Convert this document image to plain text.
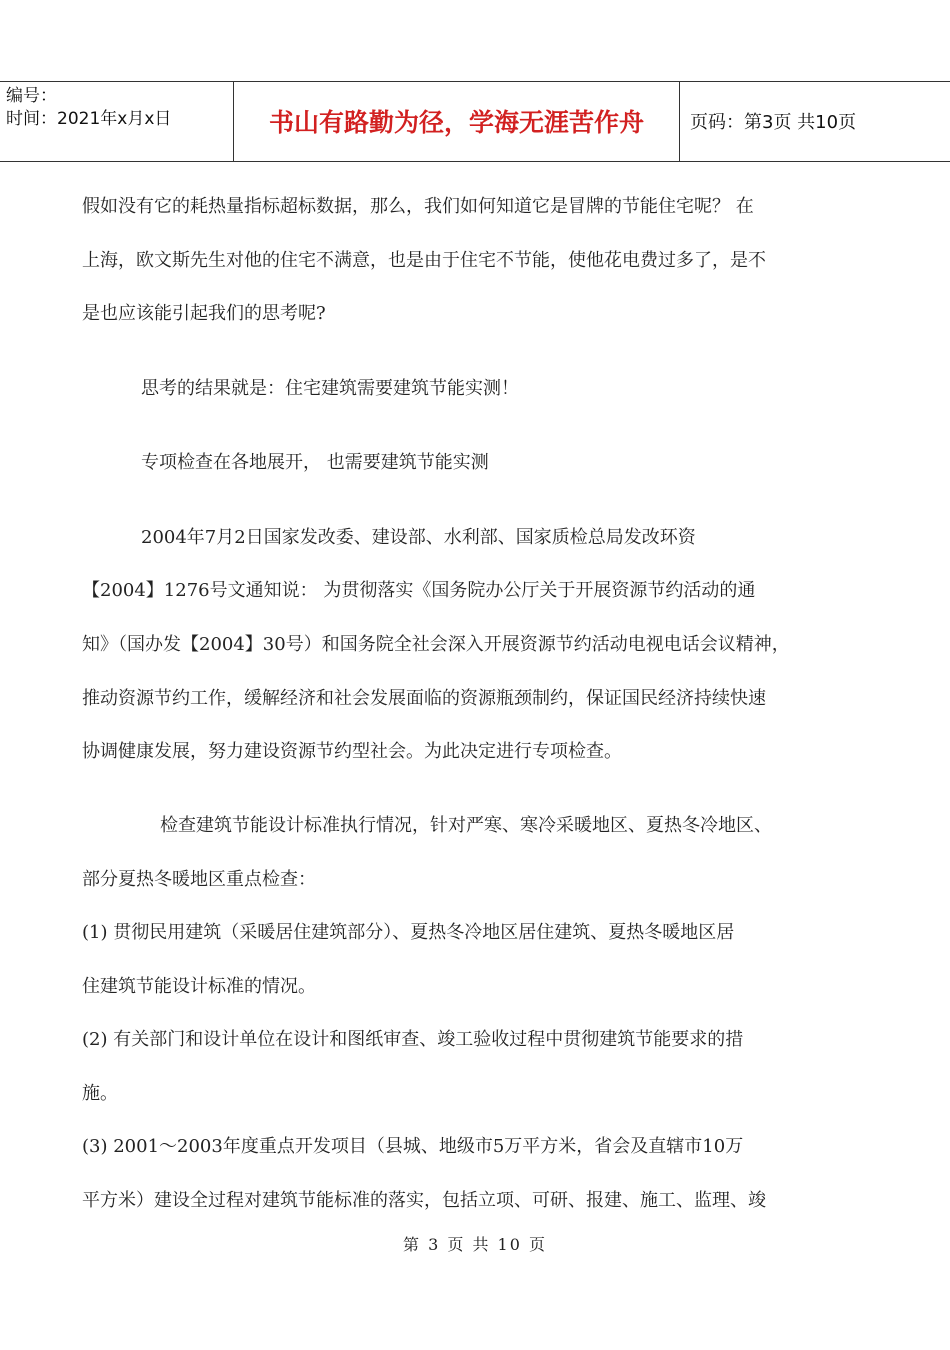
编号：
时间：2021年x月x日	书山有路勤为径，学海无涯苦作舟	页码：第3页 共10页
假如没有它的耗热量指标超标数据，那么，我们如何知道它是冒牌的节能住宅呢？ 在
上海，欧文斯先生对他的住宅不满意，也是由于住宅不节能，使他花电费过多了，是不
是也应该能引起我们的思考呢?
思考的结果就是：住宅建筑需要建筑节能实测！
专项检查在各地展开， 也需要建筑节能实测
2004年7月2日国家发改委、建设部、水利部、国家质检总局发改环资
【2004】1276号文通知说： 为贯彻落实《国务院办公厅关于开展资源节约活动的通
知》（国办发【2004】30号）和国务院全社会深入开展资源节约活动电视电话会议精神，
推动资源节约工作，缓解经济和社会发展面临的资源瓶颈制约，保证国民经济持续快速
协调健康发展，努力建设资源节约型社会。为此决定进行专项检查。
检查建筑节能设计标准执行情况，针对严寒、寒冷采暖地区、夏热冬冷地区、
部分夏热冬暖地区重点检查：
(1) 贯彻民用建筑（采暖居住建筑部分）、夏热冬冷地区居住建筑、夏热冬暖地区居
住建筑节能设计标准的情况。
(2) 有关部门和设计单位在设计和图纸审查、竣工验收过程中贯彻建筑节能要求的措
施。
(3) 2001～2003年度重点开发项目（县城、地级市5万平方米，省会及直辖市10万
平方米）建设全过程对建筑节能标准的落实，包括立项、可研、报建、施工、监理、竣
第 3 页 共 10 页
